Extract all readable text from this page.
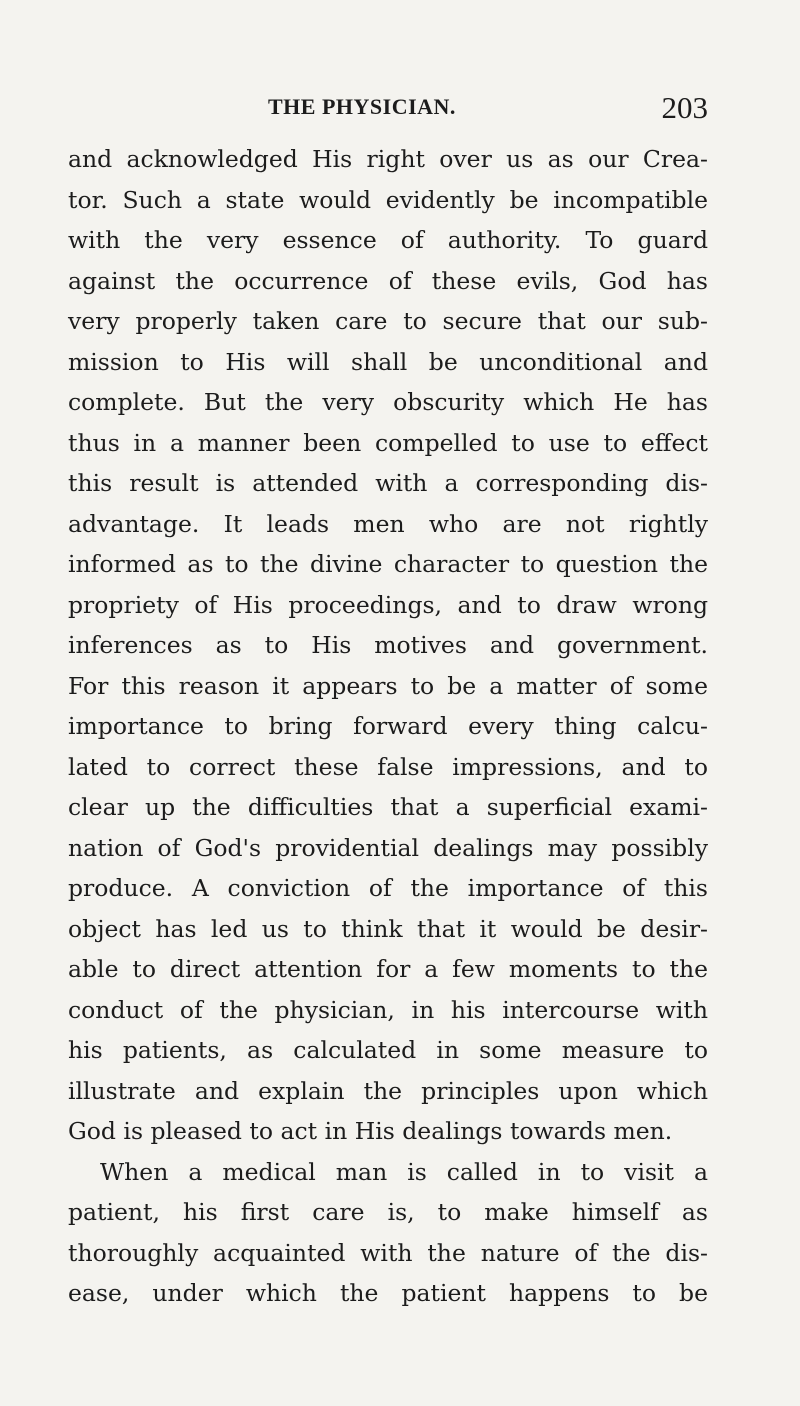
THE PHYSICIAN.	203
and acknowledged His right over us as our Crea-
tor. Such a state would evidently be incompatible
with the very essence of authority. To guard
against the occurrence of these evils, God has
very properly taken care to secure that our sub-
mission to His will shall be unconditional and
complete. But the very obscurity which He has
thus in a manner been compelled to use to effect
this result is attended with a corresponding dis-
advantage. It leads men who are not rightly
informed as to the divine character to question the
propriety of His proceedings, and to draw wrong
inferences as to His motives and government.
For this reason it appears to be a matter of some
importance to bring forward every thing calcu-
lated to correct these false impressions, and to
clear up the difficulties that a superficial exami-
nation of God's providential dealings may possibly
produce. A conviction of the importance of this
object has led us to think that it would be desir-
able to direct attention for a few moments to the
conduct of the physician, in his intercourse with
his patients, as calculated in some measure to
illustrate and explain the principles upon which
God is pleased to act in His dealings towards men.
When a medical man is called in to visit a
patient, his first care is, to make himself as
thoroughly acquainted with the nature of the dis-
ease, under which the patient happens to be
